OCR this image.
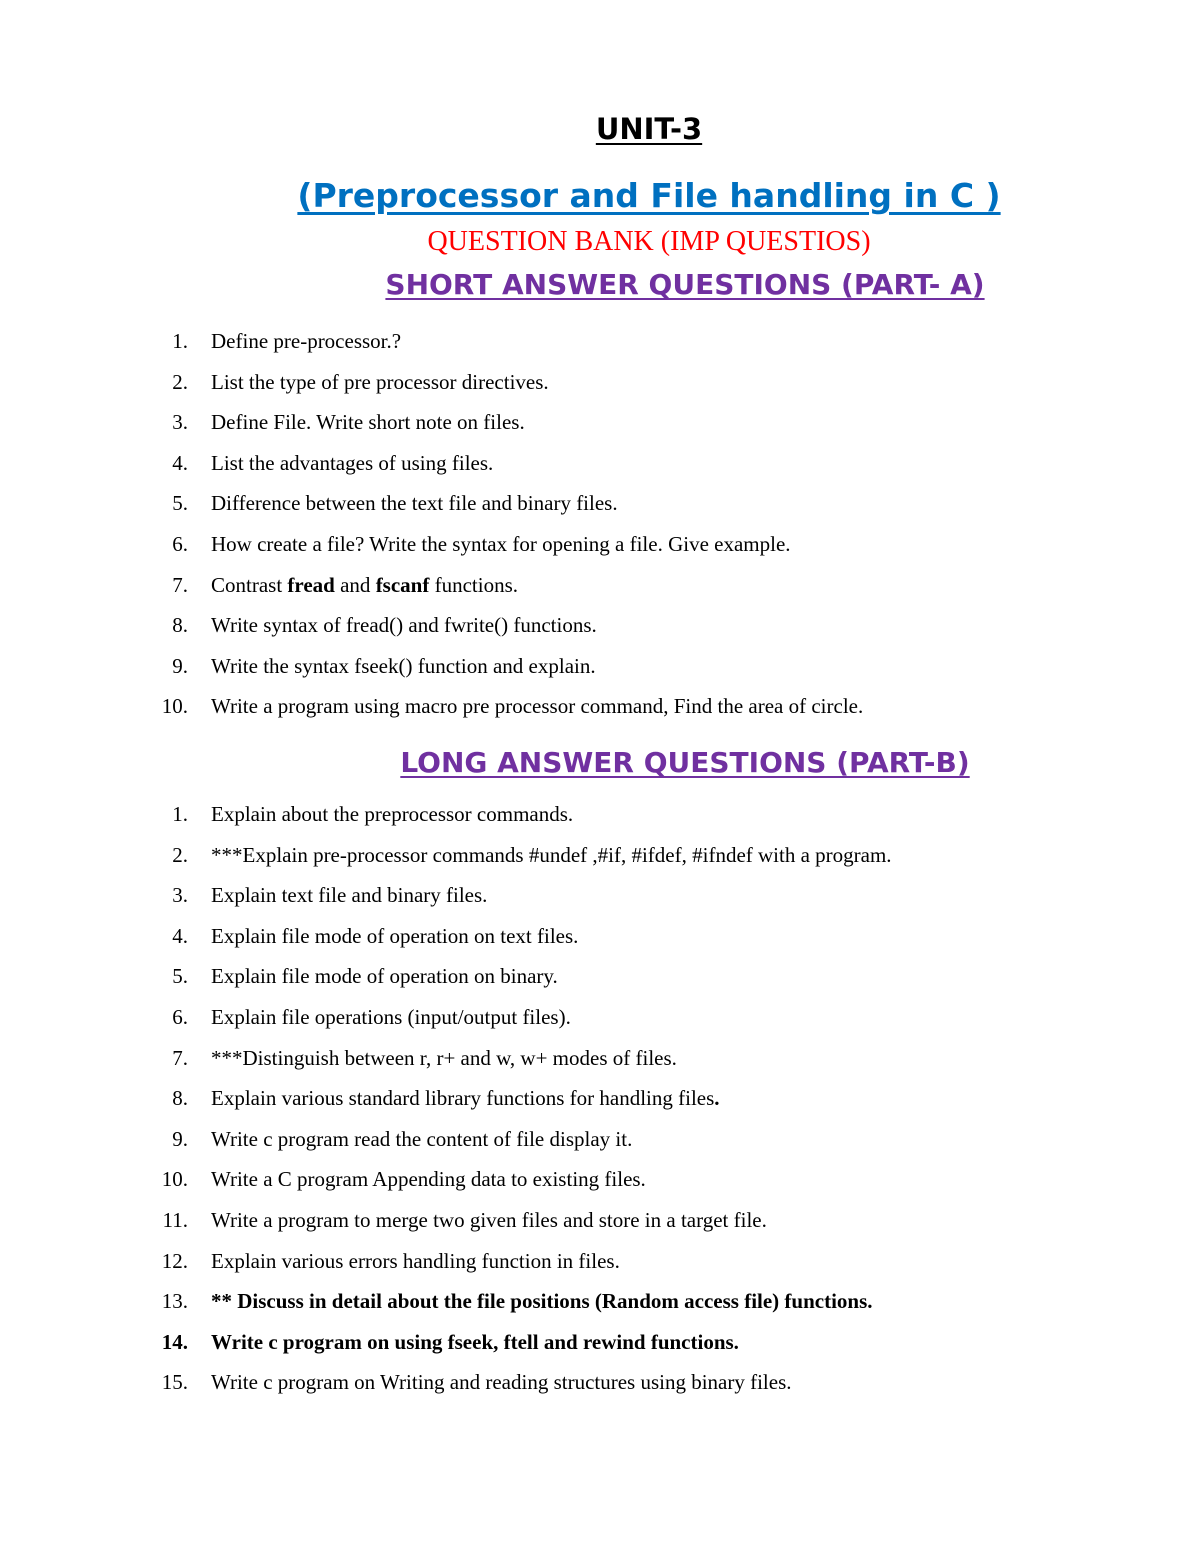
UNIT-3
(Preprocessor and File handling in C )
QUESTION BANK (IMP QUESTIOS)
SHORT ANSWER QUESTIONS (PART- A)
1. Define pre-processor.?
2. List the type of pre processor directives.
3. Define File. Write short note on files.
4. List the advantages of using files.
5. Difference between the text file and binary files.
6. How create a file? Write the syntax for opening a file. Give example.
7. Contrast fread and fscanf functions.
8. Write syntax of fread() and fwrite() functions.
9. Write the syntax fseek() function and explain.
10. Write a program using macro pre processor command, Find the area of circle.
LONG ANSWER QUESTIONS (PART-B)
1. Explain about the preprocessor commands.
2. ***Explain pre-processor commands #undef ,#if, #ifdef, #ifndef with a program.
3. Explain text file and binary files.
4. Explain file mode of operation on text files.
5. Explain file mode of operation on binary.
6. Explain file operations (input/output files).
7. ***Distinguish between r, r+ and w, w+ modes of files.
8. Explain various standard library functions for handling files.
9. Write c program read the content of file display it.
10. Write a C program Appending data to existing files.
11. Write a program to merge two given files and store in a target file.
12. Explain various errors handling function in files.
13. ** Discuss in detail about the file positions (Random access file) functions.
14. Write c program on using fseek, ftell and rewind functions.
15. Write c program on Writing and reading structures using binary files.
